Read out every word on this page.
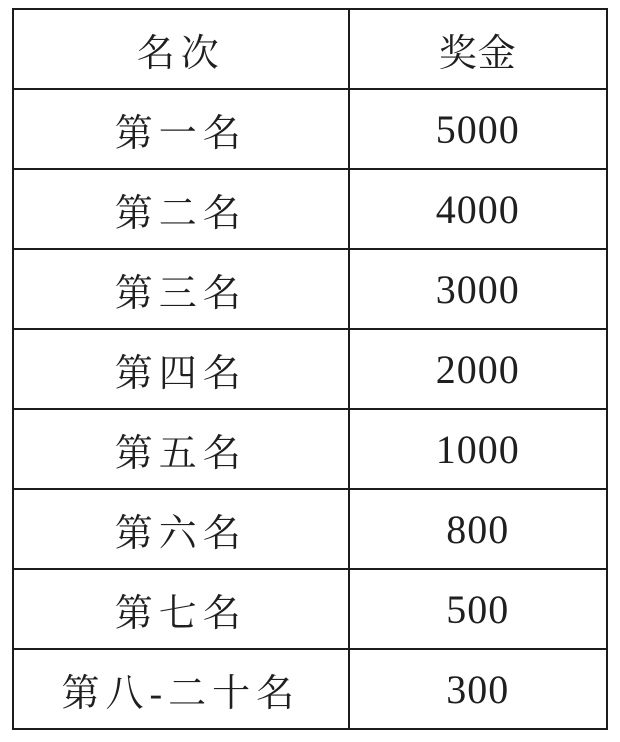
名次	奖金
第一名	5000
第二名	4000
第三名	3000
第四名	2000
第五名	1000
第六名	800
第七名	500
第八-二十名	300
